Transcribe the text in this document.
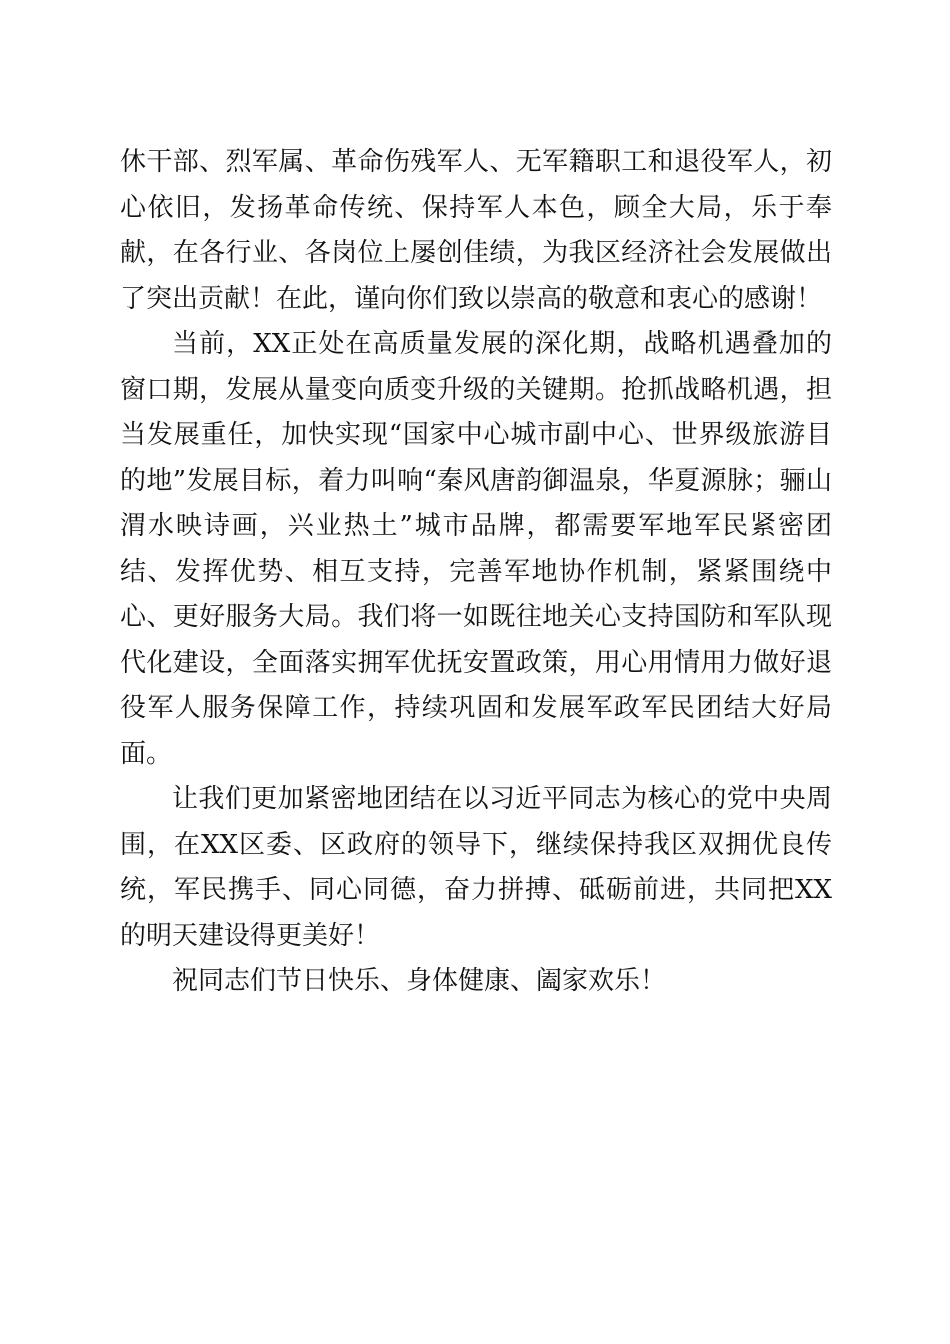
休干部、烈军属、革命伤残军人、无军籍职工和退役军人，初心依旧，发扬革命传统、保持军人本色，顾全大局，乐于奉献，在各行业、各岗位上屡创佳绩，为我区经济社会发展做出了突出贡献！在此，谨向你们致以崇高的敬意和衷心的感谢！

当前，XX正处在高质量发展的深化期，战略机遇叠加的窗口期，发展从量变向质变升级的关键期。抢抓战略机遇，担当发展重任，加快实现“国家中心城市副中心、世界级旅游目的地”发展目标，着力叫响“秦风唐韵御温泉，华夏源脉；骊山渭水映诗画，兴业热土”城市品牌，都需要军地军民紧密团结、发挥优势、相互支持，完善军地协作机制，紧紧围绕中心、更好服务大局。我们将一如既往地关心支持国防和军队现代化建设，全面落实拥军优抚安置政策，用心用情用力做好退役军人服务保障工作，持续巩固和发展军政军民团结大好局面。

让我们更加紧密地团结在以习近平同志为核心的党中央周围，在XX区委、区政府的领导下，继续保持我区双拥优良传统，军民携手、同心同德，奋力拼搏、砥砺前进，共同把XX的明天建设得更美好！

祝同志们节日快乐、身体健康、阖家欢乐！
